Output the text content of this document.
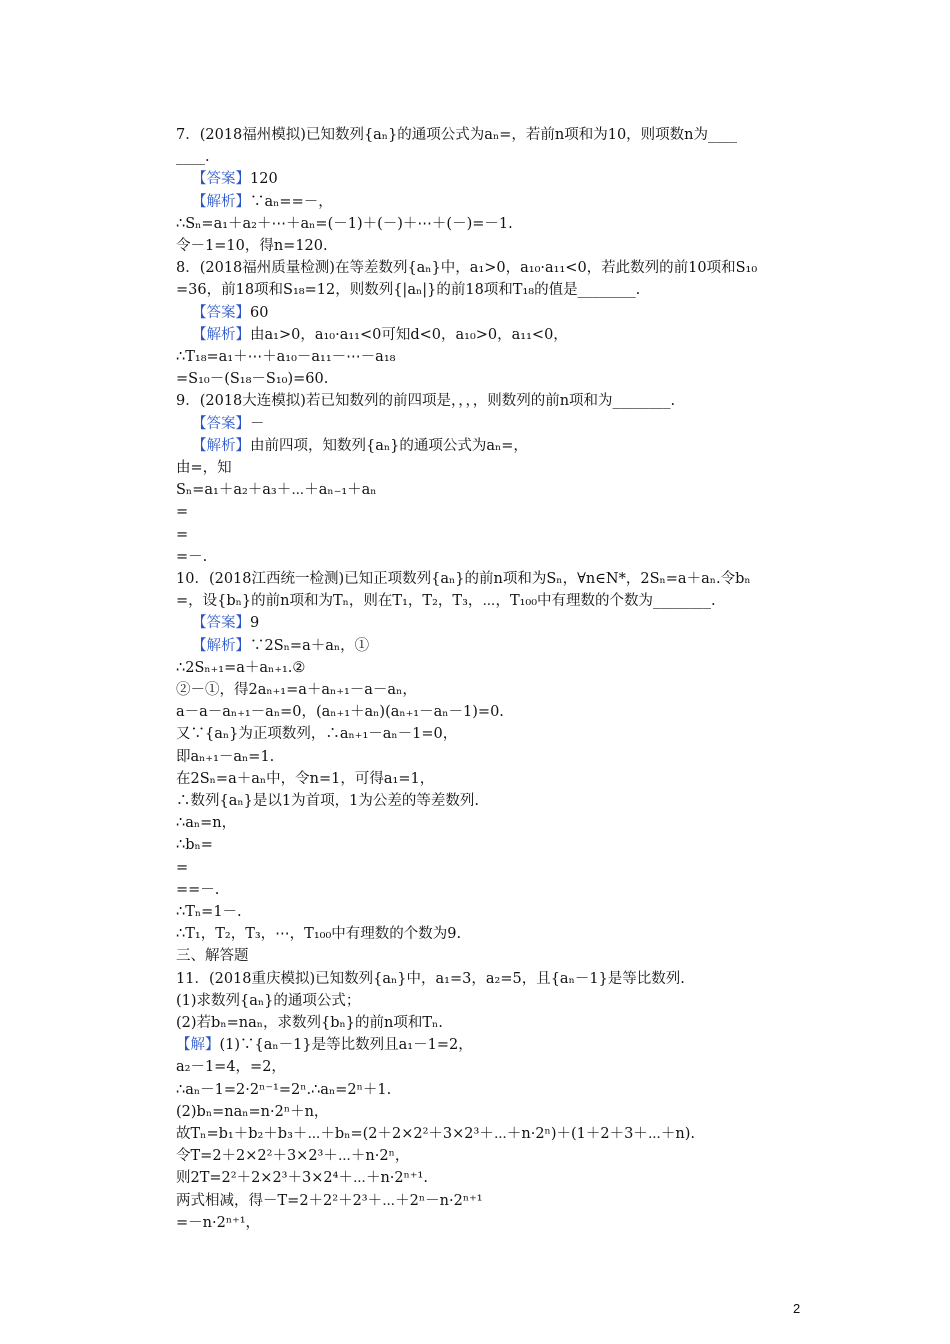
7．(2018福州模拟)已知数列{aₙ}的通项公式为aₙ=，若前n项和为10，则项数n为____
____.
【答案】120
【解析】∵aₙ==－，
∴Sₙ=a₁＋a₂＋⋯＋aₙ=(－1)＋(－)＋⋯＋(－)=－1.
令－1=10，得n=120.
8．(2018福州质量检测)在等差数列{aₙ}中，a₁>0，a₁₀·a₁₁<0，若此数列的前10项和S₁₀
=36，前18项和S₁₈=12，则数列{|aₙ|}的前18项和T₁₈的值是________.
【答案】60
【解析】由a₁>0，a₁₀·a₁₁<0可知d<0，a₁₀>0，a₁₁<0，
∴T₁₈=a₁＋⋯＋a₁₀－a₁₁－⋯－a₁₈
=S₁₀－(S₁₈－S₁₀)=60.
9．(2018大连模拟)若已知数列的前四项是，，，，则数列的前n项和为________.
【答案】－
【解析】由前四项，知数列{aₙ}的通项公式为aₙ=，
由=，知
Sₙ=a₁＋a₂＋a₃＋⋯＋aₙ₋₁＋aₙ
=
=
=－.
10．(2018江西统一检测)已知正项数列{aₙ}的前n项和为Sₙ，∀n∈N*，2Sₙ=a＋aₙ.令bₙ
=，设{bₙ}的前n项和为Tₙ，则在T₁，T₂，T₃，⋯，T₁₀₀中有理数的个数为________.
【答案】9
【解析】∵2Sₙ=a＋aₙ，①
∴2Sₙ₊₁=a＋aₙ₊₁.②
②－①，得2aₙ₊₁=a＋aₙ₊₁－a－aₙ，
a－a－aₙ₊₁－aₙ=0，(aₙ₊₁＋aₙ)(aₙ₊₁－aₙ－1)=0.
又∵{aₙ}为正项数列，∴aₙ₊₁－aₙ－1=0，
即aₙ₊₁－aₙ=1.
在2Sₙ=a＋aₙ中，令n=1，可得a₁=1，
∴数列{aₙ}是以1为首项，1为公差的等差数列.
∴aₙ=n，
∴bₙ=
=
==－.
∴Tₙ=1－.
∴T₁，T₂，T₃，⋯，T₁₀₀中有理数的个数为9.
三、解答题
11．(2018重庆模拟)已知数列{aₙ}中，a₁=3，a₂=5，且{aₙ－1}是等比数列.
(1)求数列{aₙ}的通项公式；
(2)若bₙ=naₙ，求数列{bₙ}的前n项和Tₙ.
【解】(1)∵{aₙ－1}是等比数列且a₁－1=2，
a₂－1=4，=2，
∴aₙ－1=2·2ⁿ⁻¹=2ⁿ.∴aₙ=2ⁿ＋1.
(2)bₙ=naₙ=n·2ⁿ＋n，
故Tₙ=b₁＋b₂＋b₃＋⋯＋bₙ=(2＋2×2²＋3×2³＋⋯＋n·2ⁿ)＋(1＋2＋3＋⋯＋n).
令T=2＋2×2²＋3×2³＋⋯＋n·2ⁿ，
则2T=2²＋2×2³＋3×2⁴＋⋯＋n·2ⁿ⁺¹.
两式相减，得－T=2＋2²＋2³＋⋯＋2ⁿ－n·2ⁿ⁺¹
=－n·2ⁿ⁺¹，
2
